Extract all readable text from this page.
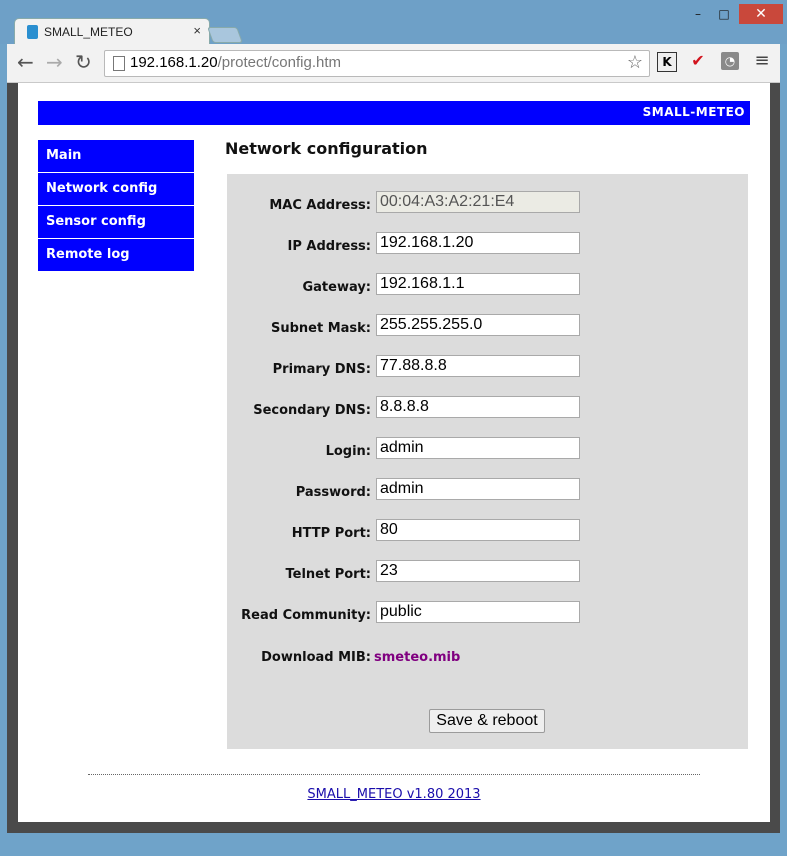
SMALL_METEO	×
–	□	✕
← → ↻	192.168.1.20/protect/config.htm	☆	K	✔	◔ ≡
SMALL-METEO
Main
Network config
Sensor config
Remote log
Network configuration
MAC Address:
00:04:A3:A2:21:E4
IP Address:
192.168.1.20
Gateway:
192.168.1.1
Subnet Mask:
255.255.255.0
Primary DNS:
77.88.8.8
Secondary DNS:
8.8.8.8
Login:
admin
Password:
admin
HTTP Port:
80
Telnet Port:
23
Read Community:
public
Download MIB: smeteo.mib
Save & reboot
SMALL_METEO v1.80 2013
